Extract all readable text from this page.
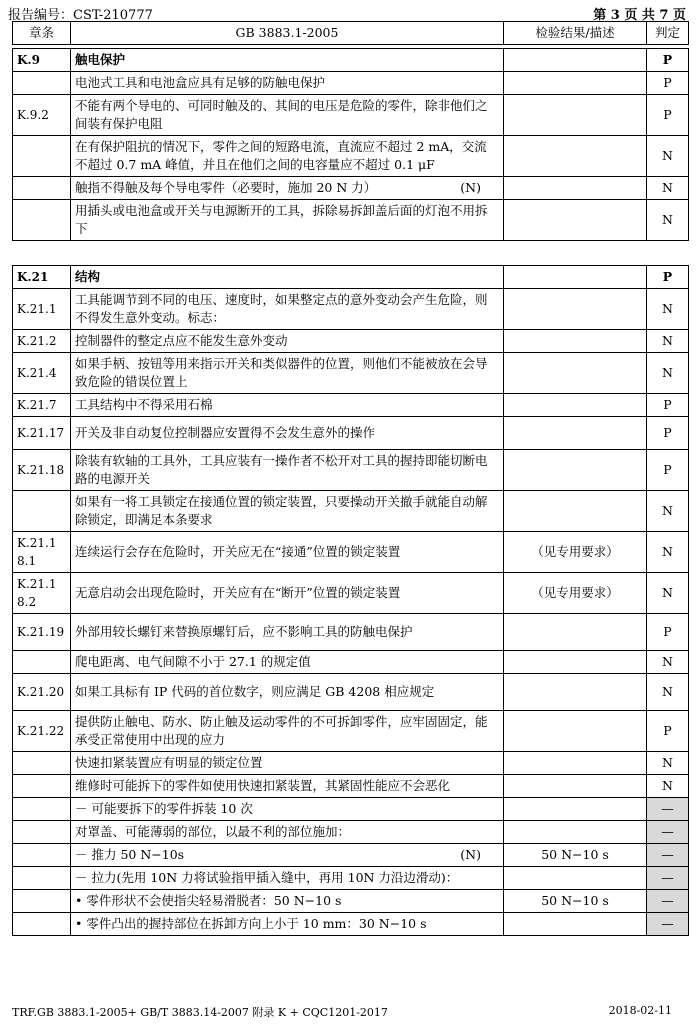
报告编号：CST-210777	第 3 页 共 7 页
章条	GB 3883.1-2005	检验结果/描述	判定
K.9	触电保护		P

	电池式工具和电池盒应具有足够的防触电保护		P
K.9.2	不能有两个导电的、可同时触及的、其间的电压是危险的零件，除非他们之间装有保护电阻		P

	在有保护阻抗的情况下，零件之间的短路电流，直流应不超过 2 mA，交流不超过 0.7 mA 峰值，并且在他们之间的电容量应不超过 0.1 μF		N

	触指不得触及每个导电零件（必要时，施加 20 N 力） (N)		N

	用插头或电池盒或开关与电源断开的工具，拆除易拆卸盖后面的灯泡不用拆下		N
K.21	结构		P
K.21.1	工具能调节到不同的电压、速度时，如果整定点的意外变动会产生危险，则不得发生意外变动。标志：		N
K.21.2	控制器件的整定点应不能发生意外变动		N
K.21.4	如果手柄、按钮等用来指示开关和类似器件的位置，则他们不能被放在会导致危险的错误位置上		N
K.21.7	工具结构中不得采用石棉		P
K.21.17	开关及非自动复位控制器应安置得不会发生意外的操作		P
K.21.18	除装有软轴的工具外，工具应装有一操作者不松开对工具的握持即能切断电路的电源开关		P

	如果有一将工具锁定在接通位置的锁定装置，只要操动开关撤手就能自动解除锁定，即满足本条要求		N
K.21.18.1	连续运行会存在危险时，开关应无在“接通”位置的锁定装置	（见专用要求）	N
K.21.18.2	无意启动会出现危险时，开关应有在“断开”位置的锁定装置	（见专用要求）	N
K.21.19	外部用较长螺钉来替换原螺钉后，应不影响工具的防触电保护		P

	爬电距离、电气间隙不小于 27.1 的规定值		N
K.21.20	如果工具标有 IP 代码的首位数字，则应满足 GB 4208 相应规定		N
K.21.22	提供防止触电、防水、防止触及运动零件的不可拆卸零件，应牢固固定，能承受正常使用中出现的应力		P

	快速扣紧装置应有明显的锁定位置		N

	维修时可能拆下的零件如使用快速扣紧装置，其紧固性能应不会恶化		N

	－ 可能要拆下的零件拆装 10 次		—

	对罩盖、可能薄弱的部位，以最不利的部位施加：		—

	－ 推力 50 N−10s (N)	50 N−10 s	—

	－ 拉力(先用 10N 力将试验指甲插入缝中，再用 10N 力沿边滑动)：		—

	• 零件形状不会使指尖轻易滑脱者：50 N−10 s	50 N−10 s	—

	• 零件凸出的握持部位在拆卸方向上小于 10 mm：30 N−10 s		—
TRF.GB 3883.1-2005+ GB/T 3883.14-2007 附录 K + CQC1201-2017	2018-02-11
